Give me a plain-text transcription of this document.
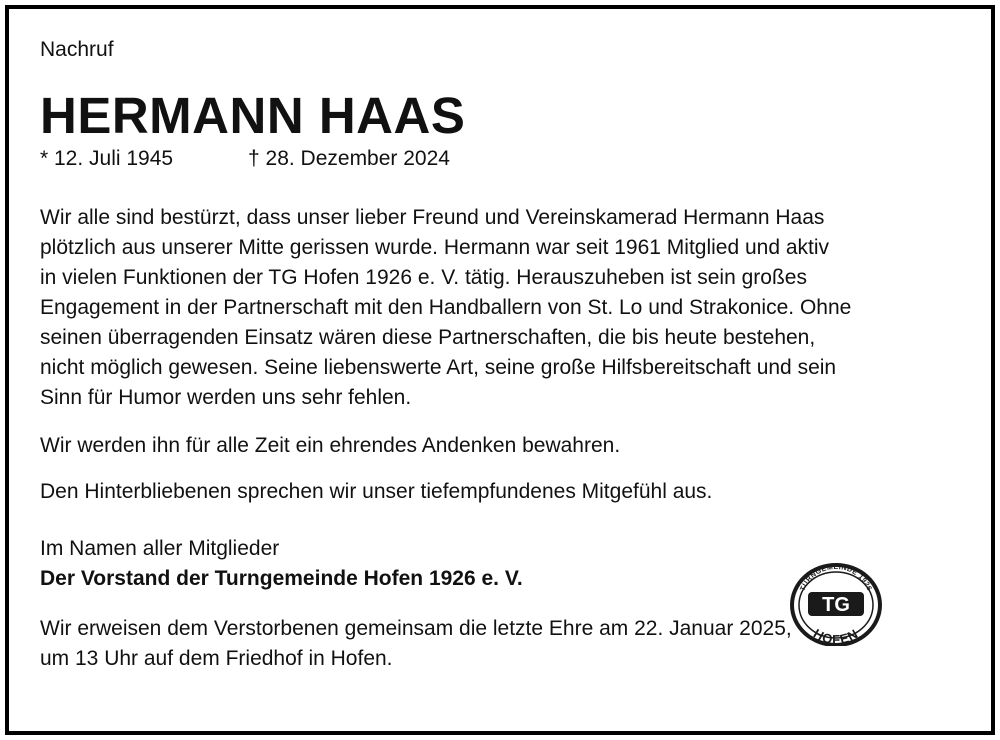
Nachruf

HERMANN HAAS

* 12. Juli 1945	† 28. Dezember 2024

Wir alle sind bestürzt, dass unser lieber Freund und Vereinskamerad Hermann Haas
plötzlich aus unserer Mitte gerissen wurde. Hermann war seit 1961 Mitglied und aktiv
in vielen Funktionen der TG Hofen 1926 e. V. tätig. Herauszuheben ist sein großes
Engagement in der Partnerschaft mit den Handballern von St. Lo und Strakonice. Ohne
seinen überragenden Einsatz wären diese Partnerschaften, die bis heute bestehen,
nicht möglich gewesen. Seine liebenswerte Art, seine große Hilfsbereitschaft und sein
Sinn für Humor werden uns sehr fehlen.

Wir werden ihn für alle Zeit ein ehrendes Andenken bewahren.

Den Hinterbliebenen sprechen wir unser tiefempfundenes Mitgefühl aus.

Im Namen aller Mitglieder
Der Vorstand der Turngemeinde Hofen 1926 e. V.
Wir erweisen dem Verstorbenen gemeinsam die letzte Ehre am 22. Januar 2025,
um 13 Uhr auf dem Friedhof in Hofen.
TURNGEMEINDE 1926
TG
HOFEN
